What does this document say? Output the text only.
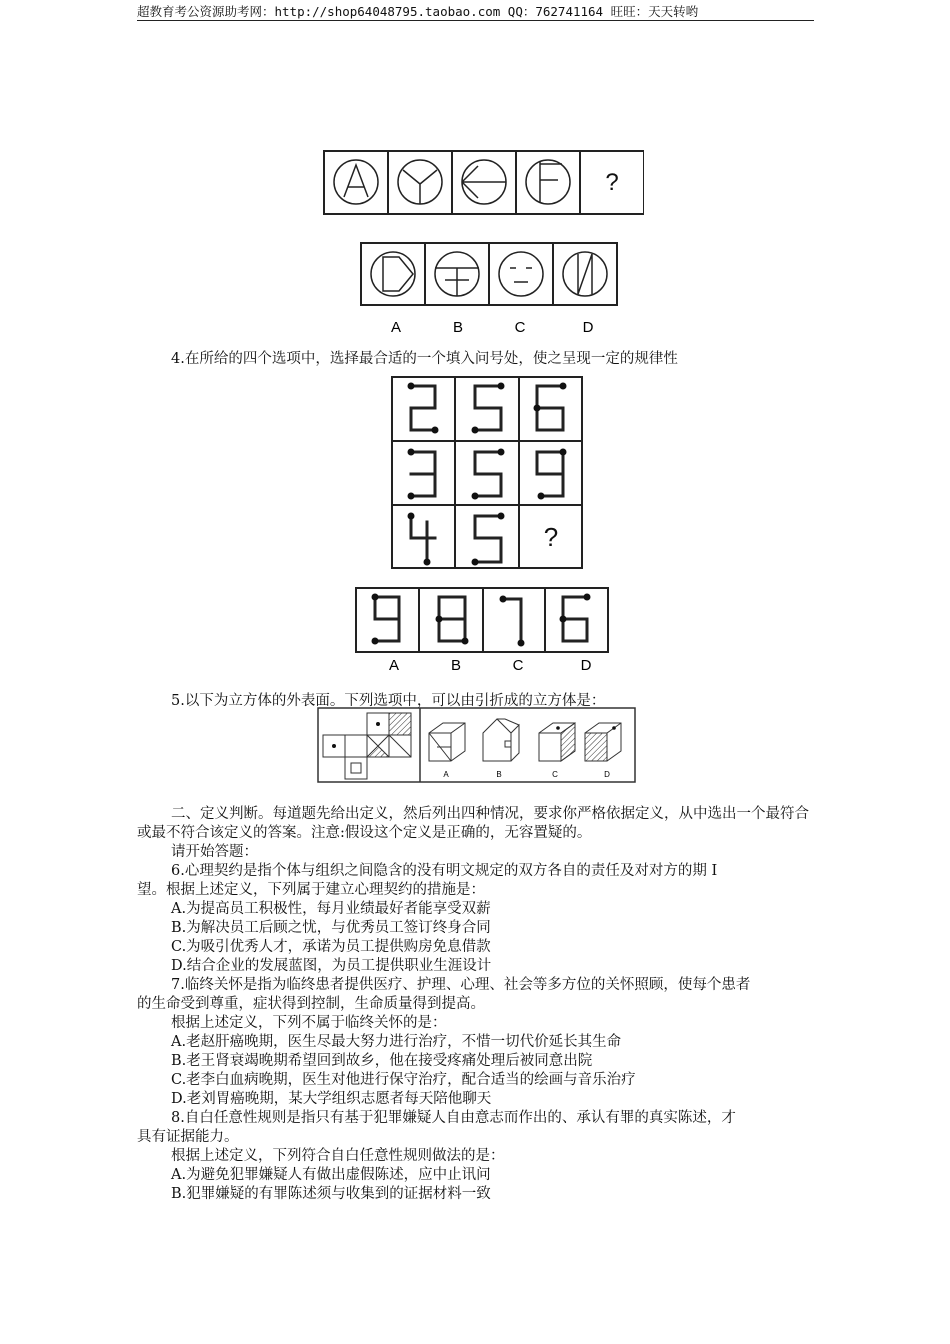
超教育考公资源助考网：http://shop64048795.taobao.com QQ：762741164 旺旺：天天转哟
?
A	B	C	D
4.在所给的四个选项中，选择最合适的一个填入问号处，使之呈现一定的规律性
?
A	B	C	D
5.以下为立方体的外表面。下列选项中，可以由引折成的立方体是：
A	B	C	D
二、定义判断。每道题先给出定义，然后列出四种情况，要求你严格依据定义，从中选出一个最符合或最不符合该定义的答案。注意:假设这个定义是正确的，无容置疑的。
请开始答题：
6.心理契约是指个体与组织之间隐含的没有明文规定的双方各自的责任及对对方的期 I
望。根据上述定义，下列属于建立心理契约的措施是：
A.为提高员工积极性，每月业绩最好者能享受双薪
B.为解决员工后顾之忧，与优秀员工签订终身合同
C.为吸引优秀人才，承诺为员工提供购房免息借款
D.结合企业的发展蓝图，为员工提供职业生涯设计
7.临终关怀是指为临终患者提供医疗、护理、心理、社会等多方位的关怀照顾，使每个患者
的生命受到尊重，症状得到控制，生命质量得到提高。
根据上述定义，下列不属于临终关怀的是：
A.老赵肝癌晚期，医生尽最大努力进行治疗，不惜一切代价延长其生命
B.老王肾衰竭晚期希望回到故乡，他在接受疼痛处理后被同意出院
C.老李白血病晚期，医生对他进行保守治疗，配合适当的绘画与音乐治疗
D.老刘胃癌晚期，某大学组织志愿者每天陪他聊天
8.自白任意性规则是指只有基于犯罪嫌疑人自由意志而作出的、承认有罪的真实陈述，才
具有证据能力。
根据上述定义，下列符合自白任意性规则做法的是：
A.为避免犯罪嫌疑人有做出虚假陈述，应中止讯问
B.犯罪嫌疑的有罪陈述须与收集到的证据材料一致
